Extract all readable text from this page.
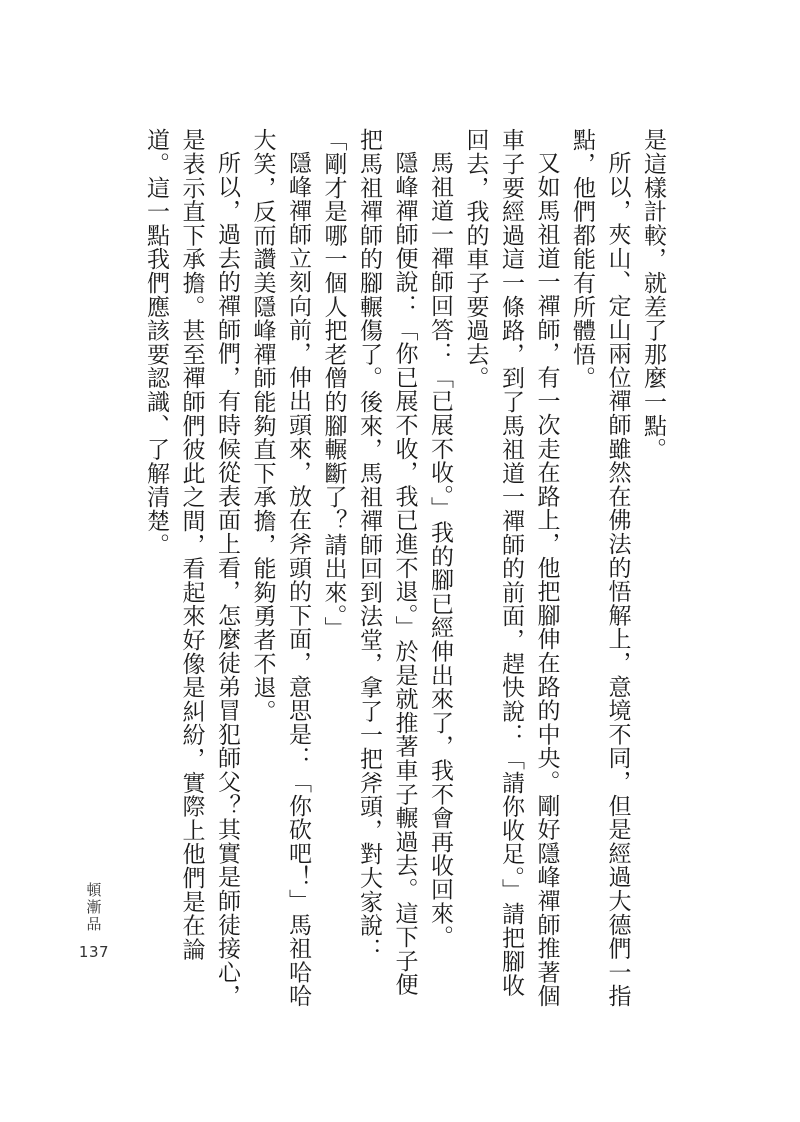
是這樣計較，就差了那麼一點。

所以，夾山、定山兩位禪師雖然在佛法的悟解上，意境不同，但是經過大德們一指點，他們都能有所體悟。

又如馬祖道一禪師，有一次走在路上，他把腳伸在路的中央。剛好隱峰禪師推著個車子要經過這一條路，到了馬祖道一禪師的前面，趕快說：「請你收足。」請把腳收回去，我的車子要過去。

馬祖道一禪師回答：「已展不收。」我的腳已經伸出來了，我不會再收回來。

隱峰禪師便說：「你已展不收，我已進不退。」於是就推著車子輾過去。這下子便把馬祖禪師的腳輾傷了。後來，馬祖禪師回到法堂，拿了一把斧頭，對大家說：「剛才是哪一個人把老僧的腳輾斷了？請出來。」

隱峰禪師立刻向前，伸出頭來，放在斧頭的下面，意思是：「你砍吧！」馬祖哈哈大笑，反而讚美隱峰禪師能夠直下承擔，能夠勇者不退。

所以，過去的禪師們，有時候從表面上看，怎麼徒弟冒犯師父？其實是師徒接心，是表示直下承擔。甚至禪師們彼此之間，看起來好像是糾紛，實際上他們是在論道。這一點我們應該要認識、了解清楚。

頓漸品
137
